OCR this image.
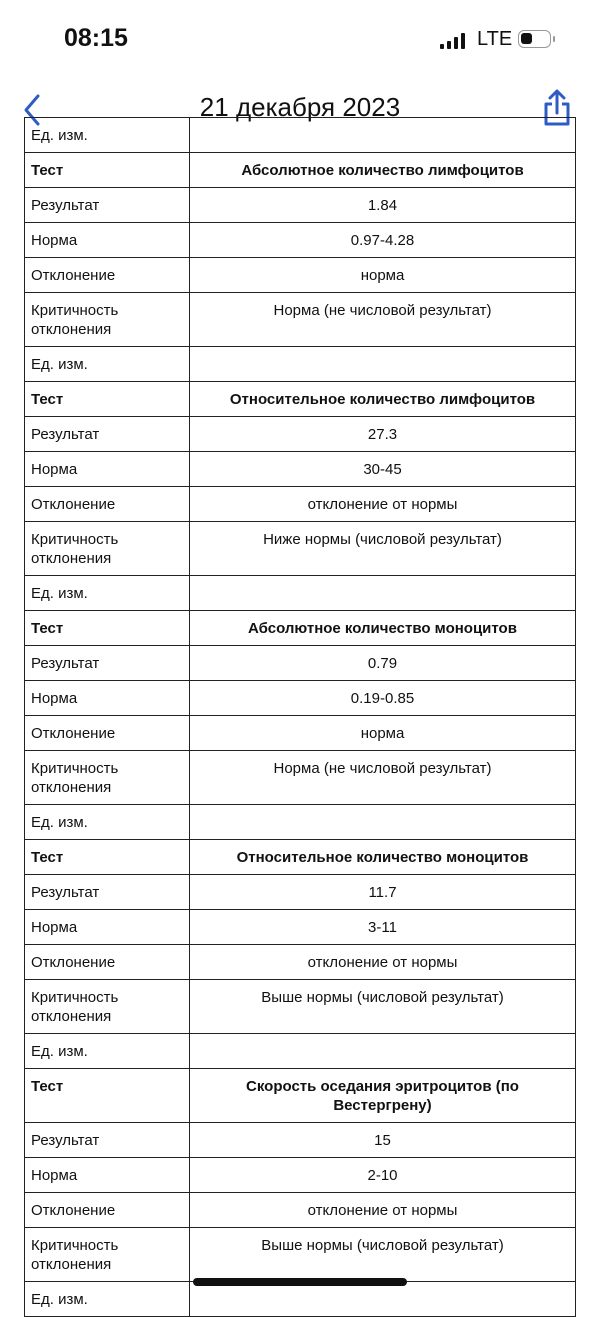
08:15	LTE
21 декабря 2023
Ед. изм.	
Тест	Абсолютное количество лимфоцитов
Результат	1.84
Норма	0.97-4.28
Отклонение	норма
Критичность отклонения	Норма (не числовой результат)
Ед. изм.	
Тест	Относительное количество лимфоцитов
Результат	27.3
Норма	30-45
Отклонение	отклонение от нормы
Критичность отклонения	Ниже нормы (числовой результат)
Ед. изм.	
Тест	Абсолютное количество моноцитов
Результат	0.79
Норма	0.19-0.85
Отклонение	норма
Критичность отклонения	Норма (не числовой результат)
Ед. изм.	
Тест	Относительное количество моноцитов
Результат	11.7
Норма	3-11
Отклонение	отклонение от нормы
Критичность отклонения	Выше нормы (числовой результат)
Ед. изм.	
Тест	Скорость оседания эритроцитов (по Вестергрену)
Результат	15
Норма	2-10
Отклонение	отклонение от нормы
Критичность отклонения	Выше нормы (числовой результат)
Ед. изм.	
